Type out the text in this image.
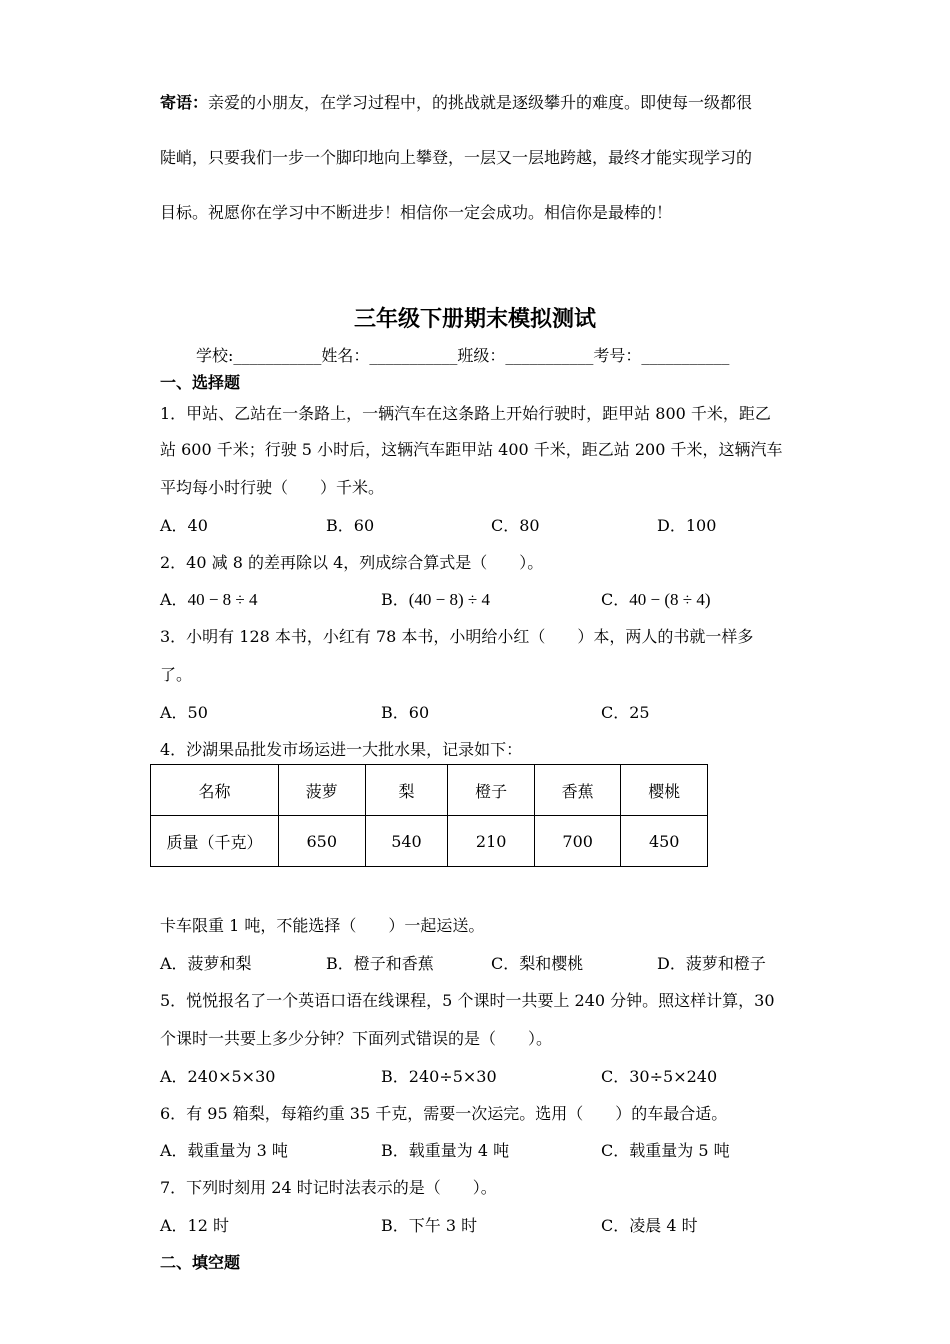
寄语：亲爱的小朋友，在学习过程中，的挑战就是逐级攀升的难度。即使每一级都很
陡峭，只要我们一步一个脚印地向上攀登，一层又一层地跨越，最终才能实现学习的
目标。祝愿你在学习中不断进步！相信你一定会成功。相信你是最棒的！
三年级下册期末模拟测试
学校:___________姓名：___________班级：___________考号：___________
一、选择题
1．甲站、乙站在一条路上，一辆汽车在这条路上开始行驶时，距甲站 800 千米，距乙
站 600 千米；行驶 5 小时后，这辆汽车距甲站 400 千米，距乙站 200 千米，这辆汽车
平均每小时行驶（　　）千米。
A．40	B．60	C．80	D．100
2．40 减 8 的差再除以 4，列成综合算式是（　　）。
A．40 − 8 ÷ 4	B．(40 − 8) ÷ 4	C．40 − (8 ÷ 4)
3．小明有 128 本书，小红有 78 本书，小明给小红（　　）本，两人的书就一样多
了。
A．50	B．60	C．25
4．沙湖果品批发市场运进一大批水果，记录如下：
名称	菠萝	梨	橙子	香蕉	樱桃
质量（千克）	650	540	210	700	450
卡车限重 1 吨，不能选择（　　）一起运送。
A．菠萝和梨	B．橙子和香蕉	C．梨和樱桃	D．菠萝和橙子
5．悦悦报名了一个英语口语在线课程，5 个课时一共要上 240 分钟。照这样计算，30
个课时一共要上多少分钟？下面列式错误的是（　　）。
A．240×5×30	B．240÷5×30	C．30÷5×240
6．有 95 箱梨，每箱约重 35 千克，需要一次运完。选用（　　）的车最合适。
A．载重量为 3 吨	B．载重量为 4 吨	C．载重量为 5 吨
7．下列时刻用 24 时记时法表示的是（　　）。
A．12 时	B．下午 3 时	C．凌晨 4 时
二、填空题
